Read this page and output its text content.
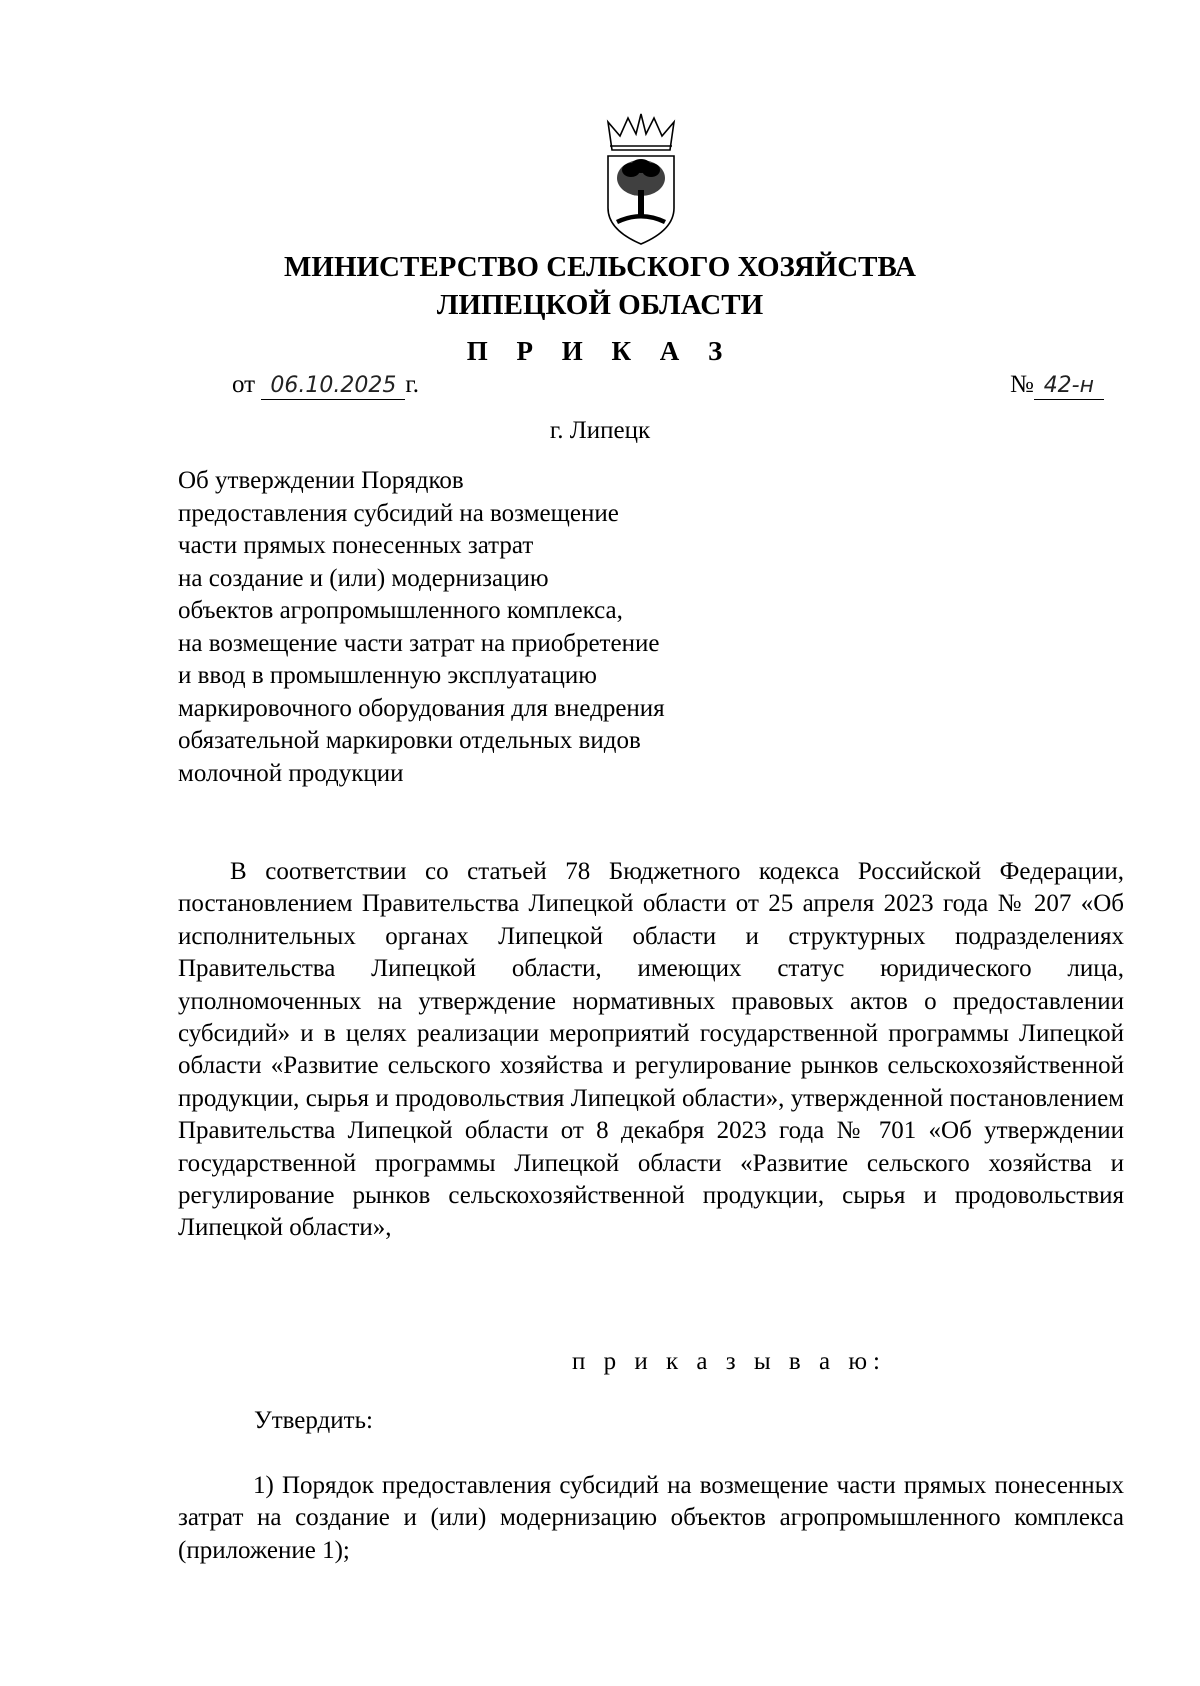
МИНИСТЕРСТВО СЕЛЬСКОГО ХОЗЯЙСТВА
ЛИПЕЦКОЙ ОБЛАСТИ
П Р И К А З
от 06.10.2025 г.	№ 42-н
г. Липецк
Об утверждении Порядков
предоставления субсидий на возмещение
части прямых понесенных затрат
на создание и (или) модернизацию
объектов агропромышленного комплекса,
на возмещение части затрат на приобретение
и ввод в промышленную эксплуатацию
маркировочного оборудования для внедрения
обязательной маркировки отдельных видов
молочной продукции

В соответствии со статьей 78 Бюджетного кодекса Российской Федерации, постановлением Правительства Липецкой области от 25 апреля 2023 года № 207 «Об исполнительных органах Липецкой области и структурных подразделениях Правительства Липецкой области, имеющих статус юридического лица, уполномоченных на утверждение нормативных правовых актов о предоставлении субсидий» и в целях реализации мероприятий государственной программы Липецкой области «Развитие сельского хозяйства и регулирование рынков сельскохозяйственной продукции, сырья и продовольствия Липецкой области», утвержденной постановлением Правительства Липецкой области от 8 декабря 2023 года № 701 «Об утверждении государственной программы Липецкой области «Развитие сельского хозяйства и регулирование рынков сельскохозяйственной продукции, сырья и продовольствия Липецкой области»,

п р и к а з ы в а ю:
Утвердить:

1) Порядок предоставления субсидий на возмещение части прямых понесенных затрат на создание и (или) модернизацию объектов агропромышленного комплекса (приложение 1);
